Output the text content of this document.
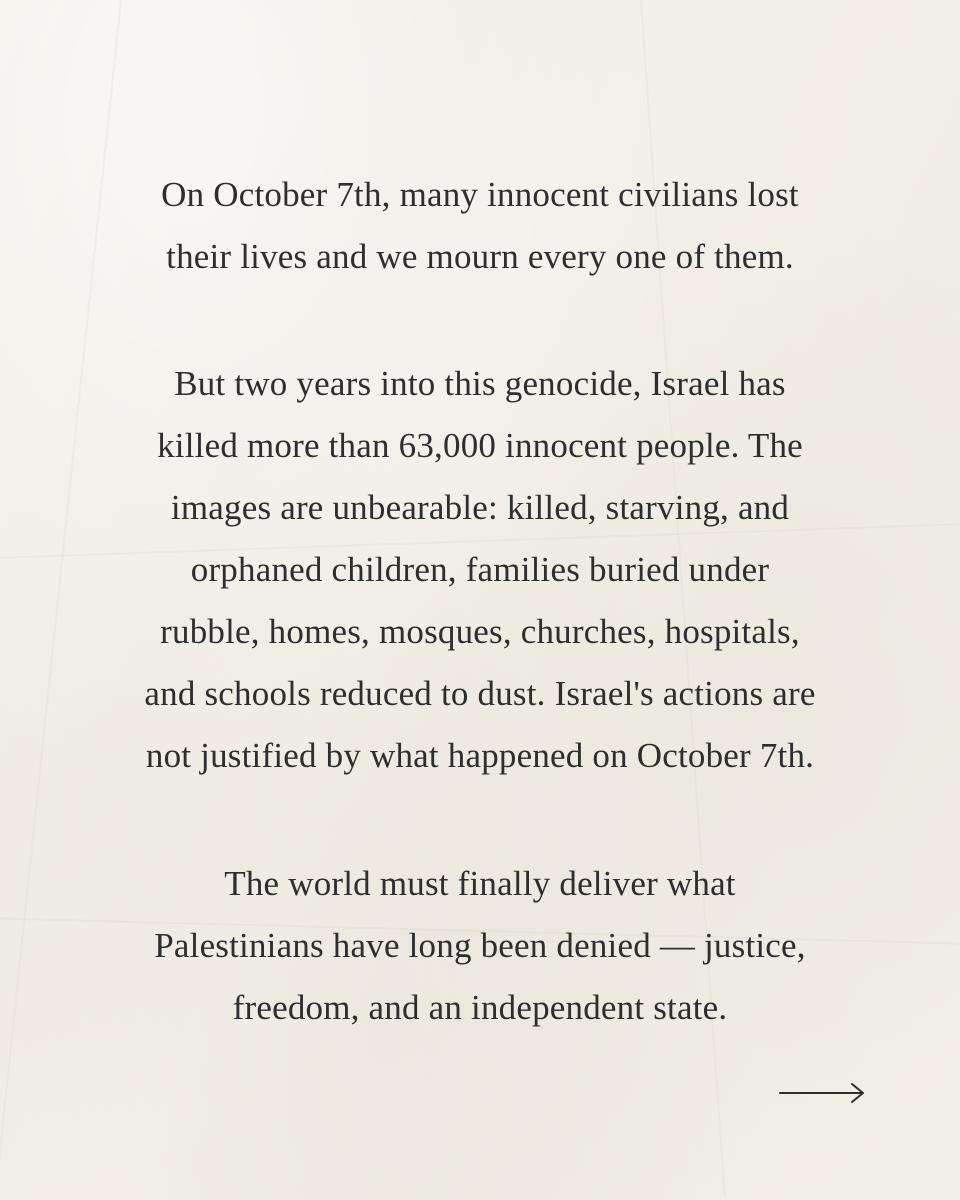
On October 7th, many innocent civilians lost
their lives and we mourn every one of them.
But two years into this genocide, Israel has
killed more than 63,000 innocent people. The
images are unbearable: killed, starving, and
orphaned children, families buried under
rubble, homes, mosques, churches, hospitals,
and schools reduced to dust. Israel's actions are
not justified by what happened on October 7th.
The world must finally deliver what
Palestinians have long been denied — justice,
freedom, and an independent state.
